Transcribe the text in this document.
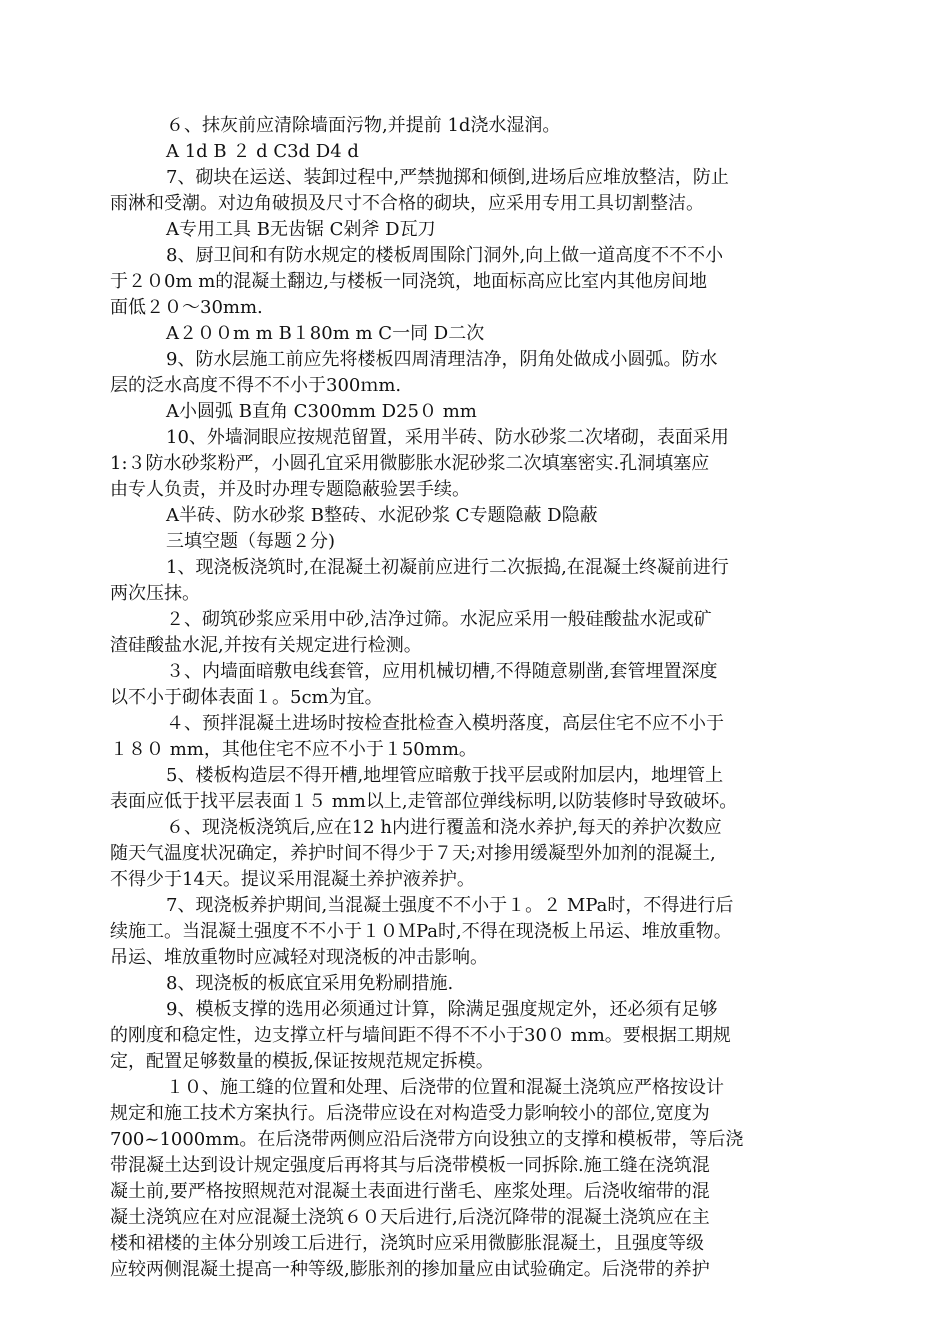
６、抹灰前应清除墙面污物,并提前 1d浇水湿润。

A 1d B ２ d C3d D4 d

7、砌块在运送、装卸过程中,严禁抛掷和倾倒,进场后应堆放整洁，防止
雨淋和受潮。对边角破损及尺寸不合格的砌块，应采用专用工具切割整洁。

A专用工具 B无齿锯 C剁斧 D瓦刀

8、厨卫间和有防水规定的楼板周围除门洞外,向上做一道高度不不不小
于２０0m m的混凝土翻边,与楼板一同浇筑，地面标高应比室内其他房间地
面低２０～30mm.

A２００m m B１80m m C一同 D二次

9、防水层施工前应先将楼板四周清理洁净，阴角处做成小圆弧。防水
层的泛水高度不得不不小于300ｍm.

A小圆弧 B直角 C300mm D25０ mm

10、外墙洞眼应按规范留置，采用半砖、防水砂浆二次堵砌，表面采用
1:３防水砂浆粉严，小圆孔宜采用微膨胀水泥砂浆二次填塞密实.孔洞填塞应
由专人负责，并及时办理专题隐蔽验罢手续。

A半砖、防水砂浆 B整砖、水泥砂浆 C专题隐蔽 D隐蔽

三填空题（每题２分)

1、现浇板浇筑时,在混凝土初凝前应进行二次振捣,在混凝土终凝前进行
两次压抹。

２、砌筑砂浆应采用中砂,洁净过筛。水泥应采用一般硅酸盐水泥或矿
渣硅酸盐水泥,并按有关规定进行检测。

３、内墙面暗敷电线套管，应用机械切槽,不得随意剔凿,套管埋置深度
以不小于砌体表面１。5cm为宜。

４、预拌混凝土进场时按检查批检查入模坍落度，高层住宅不应不小于
１８０ mm，其他住宅不应不小于１50mm。

5、楼板构造层不得开槽,地埋管应暗敷于找平层或附加层内，地埋管上
表面应低于找平层表面１５ mm以上,走管部位弹线标明,以防装修时导致破坏。

６、现浇板浇筑后,应在12 h内进行覆盖和浇水养护,每天的养护次数应
随天气温度状况确定，养护时间不得少于７天;对掺用缓凝型外加剂的混凝土,
不得少于14天。提议采用混凝土养护液养护。

7、现浇板养护期间,当混凝土强度不不小于１。２ MPa时，不得进行后
续施工。当混凝土强度不不小于１０ＭPa时,不得在现浇板上吊运、堆放重物。
吊运、堆放重物时应减轻对现浇板的冲击影响。

8、现浇板的板底宜采用免粉刷措施.

9、模板支撑的选用必须通过计算，除满足强度规定外，还必须有足够
的刚度和稳定性，边支撑立杆与墙间距不得不不小于30０ mm。要根据工期规
定，配置足够数量的模扳,保证按规范规定拆模。

１０、施工缝的位置和处理、后浇带的位置和混凝土浇筑应严格按设计
规定和施工技术方案执行。后浇带应设在对构造受力影响较小的部位,宽度为
700~1000mm。在后浇带两侧应沿后浇带方向设独立的支撑和模板带，等后浇
带混凝土达到设计规定强度后再将其与后浇带模板一同拆除.施工缝在浇筑混
凝土前,要严格按照规范对混凝土表面进行凿毛、座浆处理。后浇收缩带的混
凝土浇筑应在对应混凝土浇筑６０天后进行,后浇沉降带的混凝土浇筑应在主
楼和裙楼的主体分别竣工后进行，浇筑时应采用微膨胀混凝土，且强度等级
应较两侧混凝土提高一种等级,膨胀剂的掺加量应由试验确定。后浇带的养护
